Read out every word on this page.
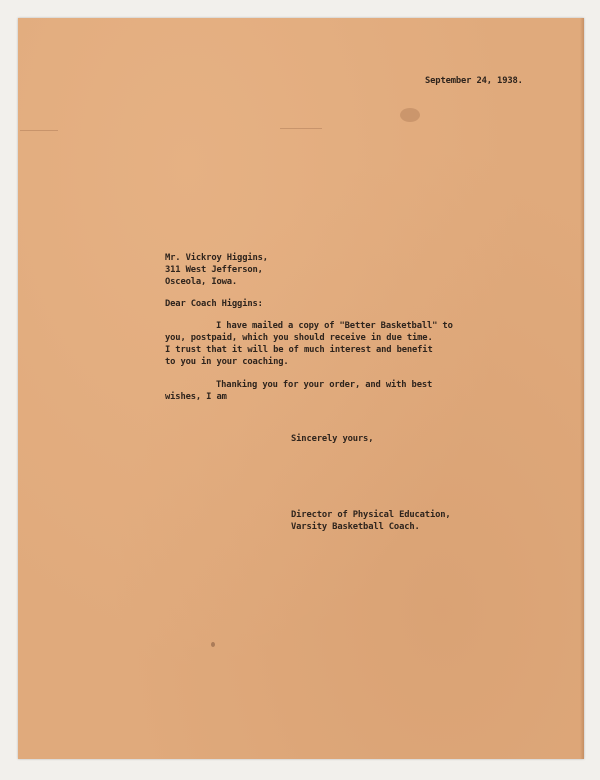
September 24, 1938.

Mr. Vickroy Higgins,

311 West Jefferson,

Osceola, Iowa.

Dear Coach Higgins:

I have mailed a copy of "Better Basketball" to

you, postpaid, which you should receive in due time.

I trust that it will be of much interest and benefit

to you in your coaching.

Thanking you for your order, and with best

wishes, I am

Sincerely yours,

Director of Physical Education,

Varsity Basketball Coach.
